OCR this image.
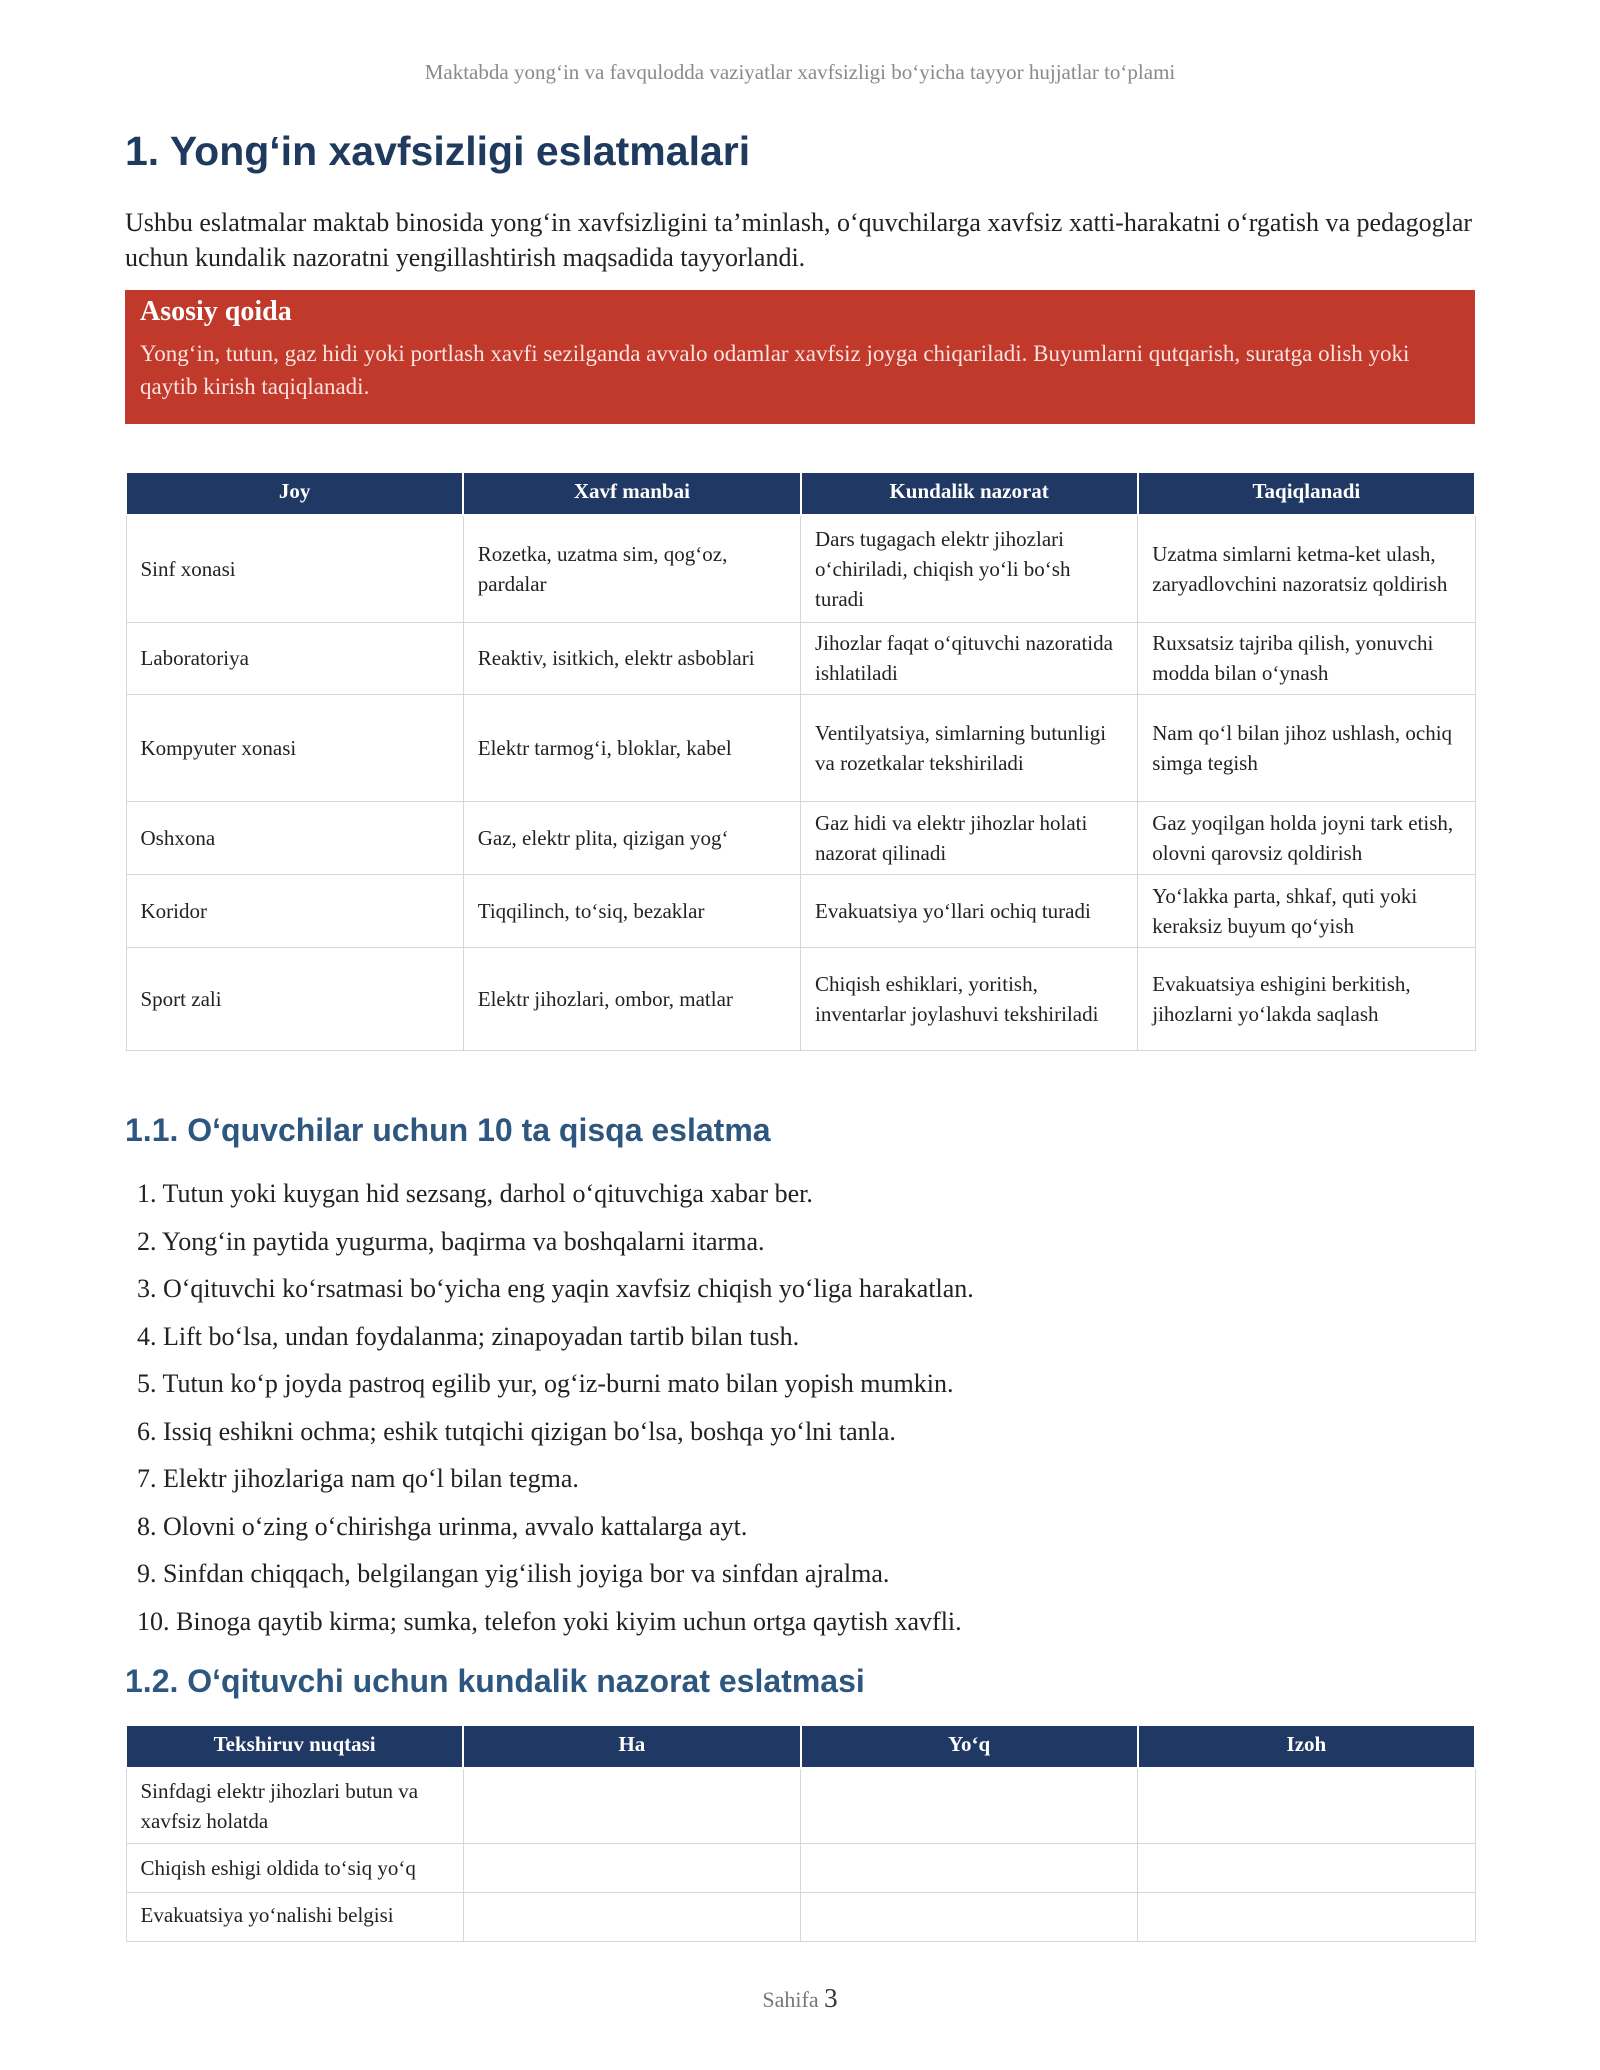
Maktabda yong‘in va favqulodda vaziyatlar xavfsizligi bo‘yicha tayyor hujjatlar to‘plami
1. Yong‘in xavfsizligi eslatmalari

Ushbu eslatmalar maktab binosida yong‘in xavfsizligini ta’minlash, o‘quvchilarga xavfsiz xatti-harakatni o‘rgatish va pedagoglar uchun kundalik nazoratni yengillashtirish maqsadida tayyorlandi.

Asosiy qoida
Yong‘in, tutun, gaz hidi yoki portlash xavfi sezilganda avvalo odamlar xavfsiz joyga chiqariladi. Buyumlarni qutqarish, suratga olish yoki qaytib kirish taqiqlanadi.
Joy	Xavf manbai	Kundalik nazorat	Taqiqlanadi
Sinf xonasi	Rozetka, uzatma sim, qog‘oz, pardalar	Dars tugagach elektr jihozlari o‘chiriladi, chiqish yo‘li bo‘sh turadi	Uzatma simlarni ketma-ket ulash, zaryadlovchini nazoratsiz qoldirish
Laboratoriya	Reaktiv, isitkich, elektr asboblari	Jihozlar faqat o‘qituvchi nazoratida ishlatiladi	Ruxsatsiz tajriba qilish, yonuvchi modda bilan o‘ynash
Kompyuter xonasi	Elektr tarmog‘i, bloklar, kabel	Ventilyatsiya, simlarning butunligi va rozetkalar tekshiriladi	Nam qo‘l bilan jihoz ushlash, ochiq simga tegish
Oshxona	Gaz, elektr plita, qizigan yog‘	Gaz hidi va elektr jihozlar holati nazorat qilinadi	Gaz yoqilgan holda joyni tark etish, olovni qarovsiz qoldirish
Koridor	Tiqqilinch, to‘siq, bezaklar	Evakuatsiya yo‘llari ochiq turadi	Yo‘lakka parta, shkaf, quti yoki keraksiz buyum qo‘yish
Sport zali	Elektr jihozlari, ombor, matlar	Chiqish eshiklari, yoritish, inventarlar joylashuvi tekshiriladi	Evakuatsiya eshigini berkitish, jihozlarni yo‘lakda saqlash
1.1. O‘quvchilar uchun 10 ta qisqa eslatma
1. Tutun yoki kuygan hid sezsang, darhol o‘qituvchiga xabar ber.
2. Yong‘in paytida yugurma, baqirma va boshqalarni itarma.
3. O‘qituvchi ko‘rsatmasi bo‘yicha eng yaqin xavfsiz chiqish yo‘liga harakatlan.
4. Lift bo‘lsa, undan foydalanma; zinapoyadan tartib bilan tush.
5. Tutun ko‘p joyda pastroq egilib yur, og‘iz-burni mato bilan yopish mumkin.
6. Issiq eshikni ochma; eshik tutqichi qizigan bo‘lsa, boshqa yo‘lni tanla.
7. Elektr jihozlariga nam qo‘l bilan tegma.
8. Olovni o‘zing o‘chirishga urinma, avvalo kattalarga ayt.
9. Sinfdan chiqqach, belgilangan yig‘ilish joyiga bor va sinfdan ajralma.
10. Binoga qaytib kirma; sumka, telefon yoki kiyim uchun ortga qaytish xavfli.
1.2. O‘qituvchi uchun kundalik nazorat eslatmasi
Tekshiruv nuqtasi	Ha	Yo‘q	Izoh
Sinfdagi elektr jihozlari butun va xavfsiz holatda			
Chiqish eshigi oldida to‘siq yo‘q			
Evakuatsiya yo‘nalishi belgisi			
Sahifa 3
